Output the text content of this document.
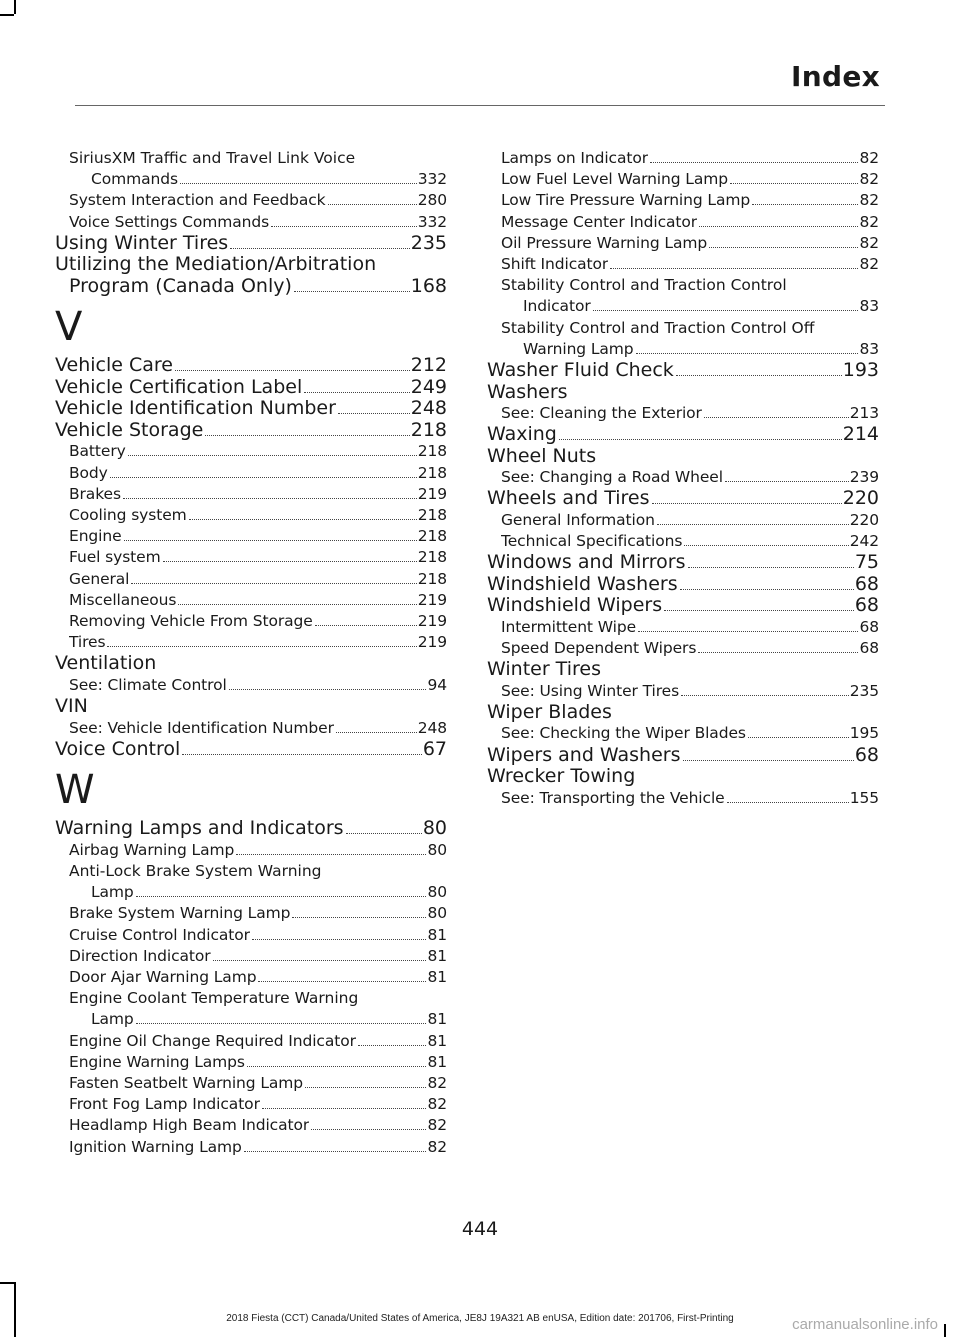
Index
SiriusXM Traffic and Travel Link Voice
Commands	332
System Interaction and Feedback	280
Voice Settings Commands	332
Using Winter Tires	235
Utilizing the Mediation/Arbitration
Program (Canada Only)	168
V
Vehicle Care	212
Vehicle Certification Label	249
Vehicle Identification Number	248
Vehicle Storage	218
Battery	218
Body	218
Brakes	219
Cooling system	218
Engine	218
Fuel system	218
General	218
Miscellaneous	219
Removing Vehicle From Storage	219
Tires	219
Ventilation
See: Climate Control	94
VIN
See: Vehicle Identification Number	248
Voice Control	67
W
Warning Lamps and Indicators	80
Airbag Warning Lamp	80
Anti-Lock Brake System Warning
Lamp	80
Brake System Warning Lamp	80
Cruise Control Indicator	81
Direction Indicator	81
Door Ajar Warning Lamp	81
Engine Coolant Temperature Warning
Lamp	81
Engine Oil Change Required Indicator	81
Engine Warning Lamps	81
Fasten Seatbelt Warning Lamp	82
Front Fog Lamp Indicator	82
Headlamp High Beam Indicator	82
Ignition Warning Lamp	82
Lamps on Indicator	82
Low Fuel Level Warning Lamp	82
Low Tire Pressure Warning Lamp	82
Message Center Indicator	82
Oil Pressure Warning Lamp	82
Shift Indicator	82
Stability Control and Traction Control
Indicator	83
Stability Control and Traction Control Off
Warning Lamp	83
Washer Fluid Check	193
Washers
See: Cleaning the Exterior	213
Waxing	214
Wheel Nuts
See: Changing a Road Wheel	239
Wheels and Tires	220
General Information	220
Technical Specifications	242
Windows and Mirrors	75
Windshield Washers	68
Windshield Wipers	68
Intermittent Wipe	68
Speed Dependent Wipers	68
Winter Tires
See: Using Winter Tires	235
Wiper Blades
See: Checking the Wiper Blades	195
Wipers and Washers	68
Wrecker Towing
See: Transporting the Vehicle	155
444
2018 Fiesta (CCT) Canada/United States of America, JE8J 19A321 AB enUSA, Edition date: 201706, First-Printing	carmanualsonline.info
